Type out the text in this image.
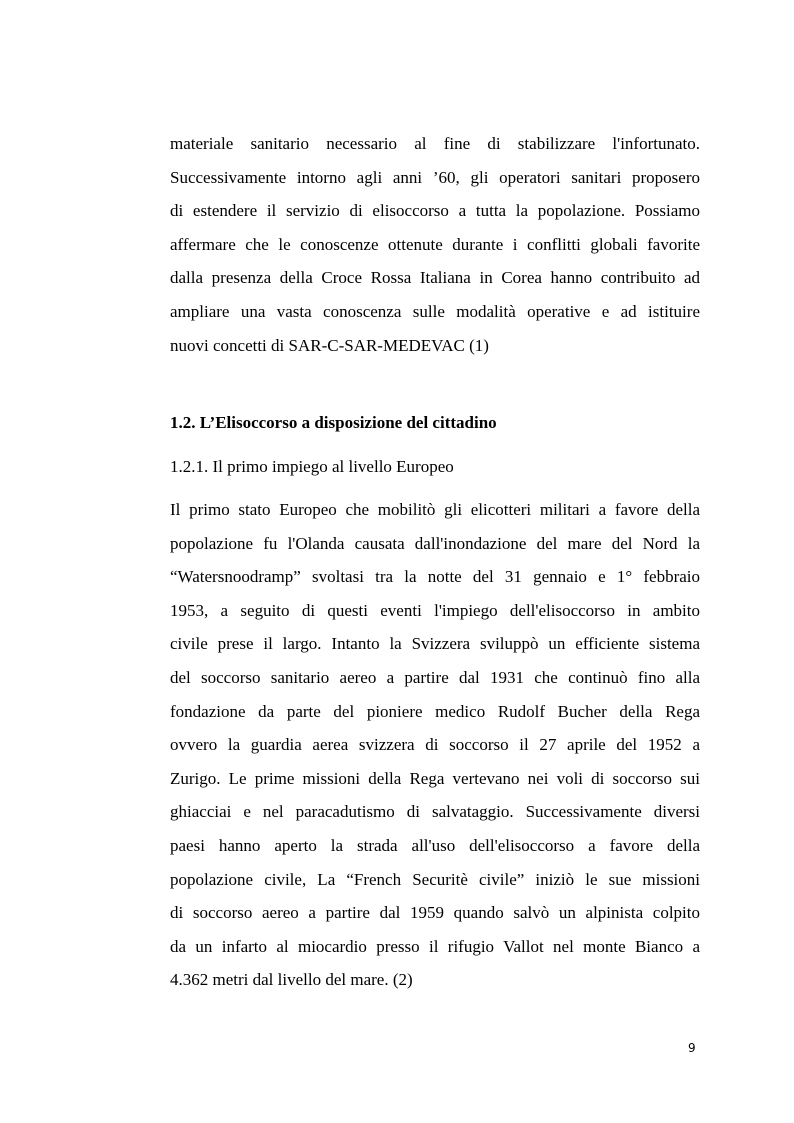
materiale sanitario necessario al fine di stabilizzare l'infortunato.
Successivamente intorno agli anni ’60, gli operatori sanitari proposero
di estendere il servizio di elisoccorso a tutta la popolazione. Possiamo
affermare che le conoscenze ottenute durante i conflitti globali favorite
dalla presenza della Croce Rossa Italiana in Corea hanno contribuito ad
ampliare una vasta conoscenza sulle modalità operative e ad istituire
nuovi concetti di SAR-C-SAR-MEDEVAC (1)
1.2. L’Elisoccorso a disposizione del cittadino
1.2.1. Il primo impiego al livello Europeo
Il primo stato Europeo che mobilitò gli elicotteri militari a favore della
popolazione fu l'Olanda causata dall'inondazione del mare del Nord la
“Watersnoodramp” svoltasi tra la notte del 31 gennaio e 1° febbraio
1953, a seguito di questi eventi l'impiego dell'elisoccorso in ambito
civile prese il largo. Intanto la Svizzera sviluppò un efficiente sistema
del soccorso sanitario aereo a partire dal 1931 che continuò fino alla
fondazione da parte del pioniere medico Rudolf Bucher della Rega
ovvero la guardia aerea svizzera di soccorso il 27 aprile del 1952 a
Zurigo. Le prime missioni della Rega vertevano nei voli di soccorso sui
ghiacciai e nel paracadutismo di salvataggio. Successivamente diversi
paesi hanno aperto la strada all'uso dell'elisoccorso a favore della
popolazione civile, La “French Securitè civile” iniziò le sue missioni
di soccorso aereo a partire dal 1959 quando salvò un alpinista colpito
da un infarto al miocardio presso il rifugio Vallot nel monte Bianco a
4.362 metri dal livello del mare. (2)
9
